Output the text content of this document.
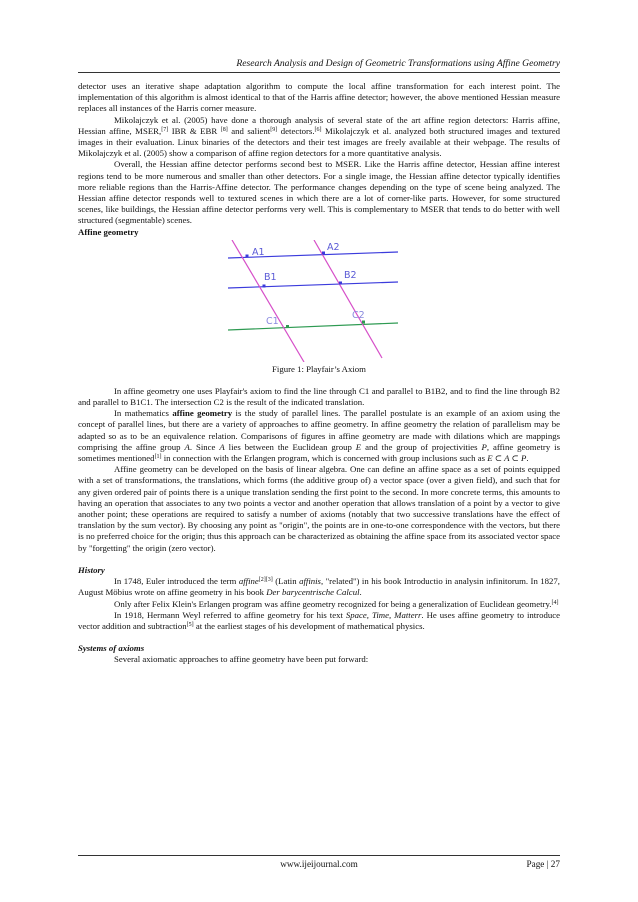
Research Analysis and Design of Geometric Transformations using Affine Geometry

detector uses an iterative shape adaptation algorithm to compute the local affine transformation for each interest point. The implementation of this algorithm is almost identical to that of the Harris affine detector; however, the above mentioned Hessian measure replaces all instances of the Harris corner measure.

Mikolajczyk et al. (2005) have done a thorough analysis of several state of the art affine region detectors: Harris affine, Hessian affine, MSER,[7] IBR & EBR [8] and salient[9] detectors.[6] Mikolajczyk et al. analyzed both structured images and textured images in their evaluation. Linux binaries of the detectors and their test images are freely available at their webpage. The results of Mikolajczyk et al. (2005) show a comparison of affine region detectors for a more quantitative analysis.

Overall, the Hessian affine detector performs second best to MSER. Like the Harris affine detector, Hessian affine interest regions tend to be more numerous and smaller than other detectors. For a single image, the Hessian affine detector typically identifies more reliable regions than the Harris-Affine detector. The performance changes depending on the type of scene being analyzed. The Hessian affine detector responds well to textured scenes in which there are a lot of corner-like parts. However, for some structured scenes, like buildings, the Hessian affine detector performs very well. This is complementary to MSER that tends to do better with well structured (segmentable) scenes.

Affine geometry
A1	A2
B1	B2
C1
C2
Figure 1: Playfair’s Axiom

In affine geometry one uses Playfair's axiom to find the line through C1 and parallel to B1B2, and to find the line through B2 and parallel to B1C1. The intersection C2 is the result of the indicated translation.

In mathematics affine geometry is the study of parallel lines. The parallel postulate is an example of an axiom using the concept of parallel lines, but there are a variety of approaches to affine geometry. In affine geometry the relation of parallelism may be adapted so as to be an equivalence relation. Comparisons of figures in affine geometry are made with dilations which are mappings comprising the affine group A. Since A lies between the Euclidean group E and the group of projectivities P, affine geometry is sometimes mentioned[1] in connection with the Erlangen program, which is concerned with group inclusions such as E ⊂ A ⊂ P.

Affine geometry can be developed on the basis of linear algebra. One can define an affine space as a set of points equipped with a set of transformations, the translations, which forms (the additive group of) a vector space (over a given field), and such that for any given ordered pair of points there is a unique translation sending the first point to the second. In more concrete terms, this amounts to having an operation that associates to any two points a vector and another operation that allows translation of a point by a vector to give another point; these operations are required to satisfy a number of axioms (notably that two successive translations have the effect of translation by the sum vector). By choosing any point as "origin", the points are in one-to-one correspondence with the vectors, but there is no preferred choice for the origin; thus this approach can be characterized as obtaining the affine space from its associated vector space by "forgetting" the origin (zero vector).

History

In 1748, Euler introduced the term affine[2][3] (Latin affinis, "related") in his book Introductio in analysin infinitorum. In 1827, August Möbius wrote on affine geometry in his book Der barycentrische Calcul.

Only after Felix Klein's Erlangen program was affine geometry recognized for being a generalization of Euclidean geometry.[4]

In 1918, Hermann Weyl referred to affine geometry for his text Space, Time, Matterr. He uses affine geometry to introduce vector addition and subtraction[5] at the earliest stages of his development of mathematical physics.

Systems of axioms

Several axiomatic approaches to affine geometry have been put forward:

www.ijeijournal.com	Page | 27
